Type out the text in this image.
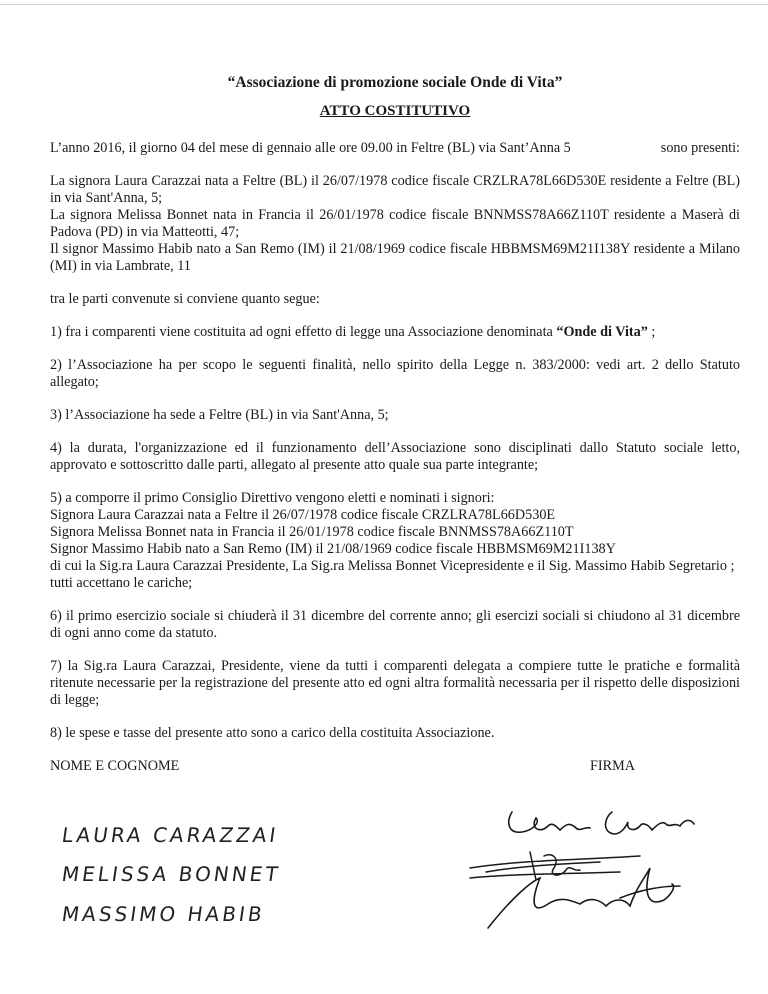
“Associazione di promozione sociale Onde di Vita”
ATTO COSTITUTIVO
L’anno 2016, il giorno 04 del mese di gennaio alle ore 09.00 in Feltre (BL) via Sant’Anna 5	sono presenti:

La signora Laura Carazzai nata a Feltre (BL) il 26/07/1978 codice fiscale CRZLRA78L66D530E residente a Feltre (BL) in via Sant'Anna, 5;

La signora Melissa Bonnet nata in Francia il 26/01/1978 codice fiscale BNNMSS78A66Z110T residente a Maserà di Padova (PD) in via Matteotti, 47;

Il signor Massimo Habib nato a San Remo (IM) il 21/08/1969 codice fiscale HBBMSM69M21I138Y residente a Milano (MI) in via Lambrate, 11

tra le parti convenute si conviene quanto segue:

1) fra i comparenti viene costituita ad ogni effetto di legge una Associazione denominata “Onde di Vita” ;
2) l’Associazione ha per scopo le seguenti finalità, nello spirito della Legge n. 383/2000: vedi art. 2 dello Statuto allegato;
3) l’Associazione ha sede a Feltre (BL) in via Sant'Anna, 5;
4) la durata, l'organizzazione ed il funzionamento dell’Associazione sono disciplinati dallo Statuto sociale letto, approvato e sottoscritto dalle parti, allegato al presente atto quale sua parte integrante;
5) a comporre il primo Consiglio Direttivo vengono eletti e nominati i signori:
Signora Laura Carazzai nata a Feltre il 26/07/1978 codice fiscale CRZLRA78L66D530E
Signora Melissa Bonnet nata in Francia il 26/01/1978 codice fiscale BNNMSS78A66Z110T
Signor Massimo Habib nato a San Remo (IM) il 21/08/1969 codice fiscale HBBMSM69M21I138Y
di cui la Sig.ra Laura Carazzai Presidente, La Sig.ra Melissa Bonnet Vicepresidente e il Sig. Massimo Habib Segretario ;
tutti accettano le cariche;
6) il primo esercizio sociale si chiuderà il 31 dicembre del corrente anno; gli esercizi sociali si chiudono al 31 dicembre di ogni anno come da statuto.
7) la Sig.ra Laura Carazzai, Presidente, viene da tutti i comparenti delegata a compiere tutte le pratiche e formalità ritenute necessarie per la registrazione del presente atto ed ogni altra formalità necessaria per il rispetto delle disposizioni di legge;
8) le spese e tasse del presente atto sono a carico della costituita Associazione.
NOME E COGNOME	FIRMA
LAURA CARAZZAI
MELISSA BONNET
MASSIMO HABIB
